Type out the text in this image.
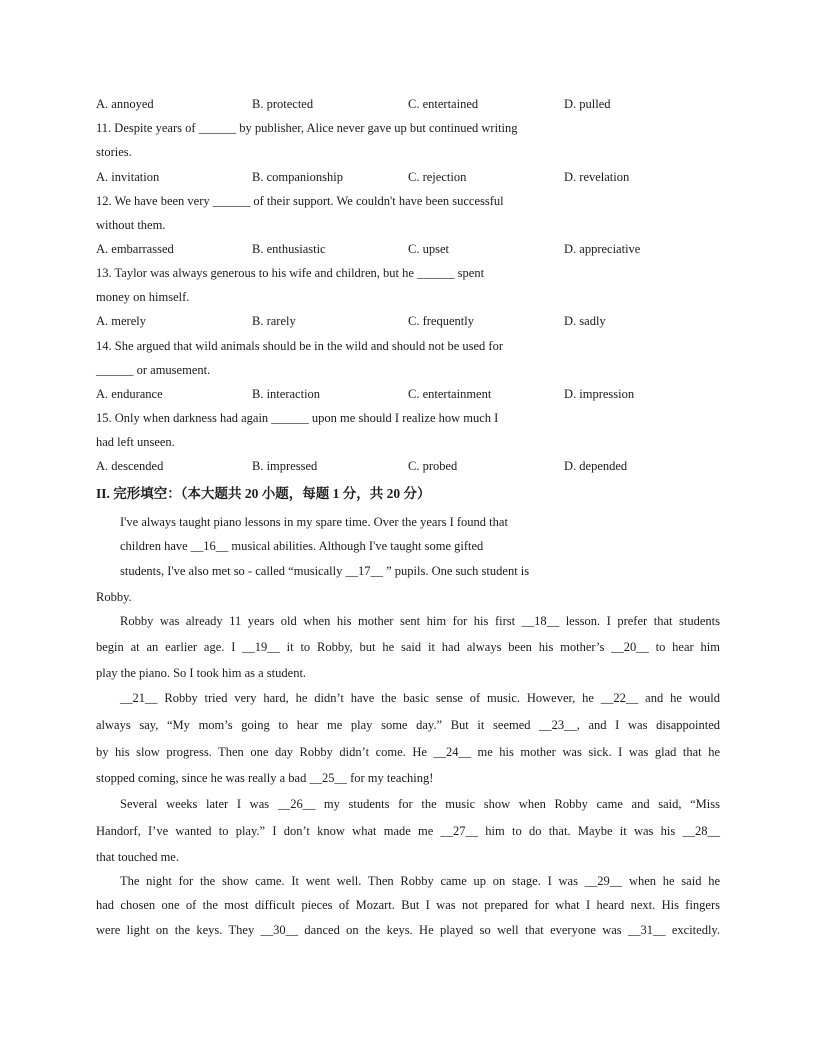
A. annoyed	B. protected	C. entertained	D. pulled
11. Despite years of ______ by publisher, Alice never gave up but continued writing
stories.
A. invitation	B. companionship	C. rejection	D. revelation
12. We have been very ______ of their support. We couldn't have been successful
without them.
A. embarrassed	B. enthusiastic	C. upset	D. appreciative
13. Taylor was always generous to his wife and children, but he ______ spent
money on himself.
A. merely	B. rarely	C. frequently	D. sadly
14. She argued that wild animals should be in the wild and should not be used for
______ or amusement.
A. endurance	B. interaction	C. entertainment	D. impression
15. Only when darkness had again ______ upon me should I realize how much I
had left unseen.
A. descended	B. impressed	C. probed	D. depended
II. 完形填空：（本大题共 20 小题，每题 1 分，共 20 分）
I've always taught piano lessons in my spare time. Over the years I found that
children have __16__ musical abilities. Although I've taught some gifted
students, I've also met so - called “musically __17__ ” pupils. One such student is
Robby.
Robby was already 11 years old when his mother sent him for his first __18__ lesson. I prefer that students
begin at an earlier age. I __19__ it to Robby, but he said it had always been his mother’s __20__ to hear him
play the piano. So I took him as a student.
__21__ Robby tried very hard, he didn’t have the basic sense of music. However, he __22__ and he would
always say, “My mom’s going to hear me play some day.” But it seemed __23__, and I was disappointed
by his slow progress. Then one day Robby didn’t come. He __24__ me his mother was sick. I was glad that he
stopped coming, since he was really a bad __25__ for my teaching!
Several weeks later I was __26__ my students for the music show when Robby came and said, “Miss
Handorf, I’ve wanted to play.” I don’t know what made me __27__ him to do that. Maybe it was his __28__
that touched me.
The night for the show came. It went well. Then Robby came up on stage. I was __29__ when he said he
had chosen one of the most difficult pieces of Mozart. But I was not prepared for what I heard next. His fingers
were light on the keys. They __30__ danced on the keys. He played so well that everyone was __31__ excitedly.
